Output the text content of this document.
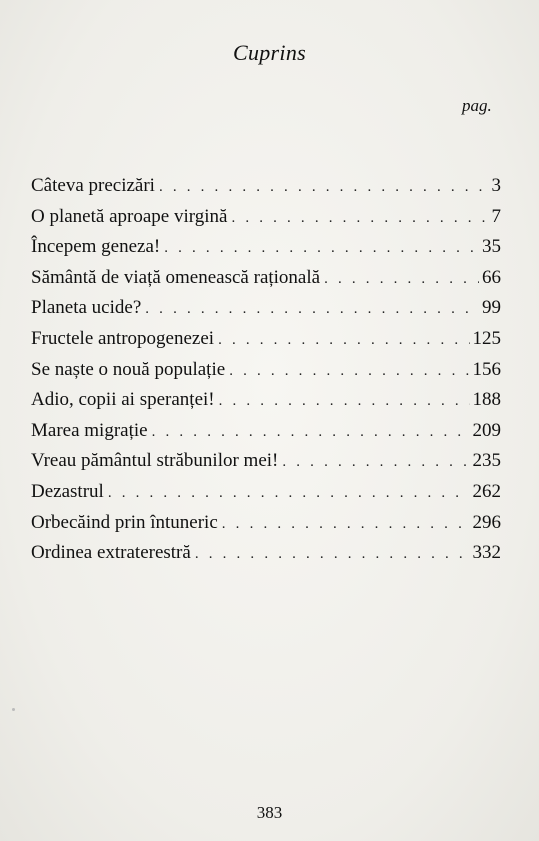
Cuprins
pag.
Câteva precizări . . .	3
O planetă aproape virgină . . .	7
Începem geneza! . . .	35
Sământă de viață omenească rațională . . .	66
Planeta ucide? . . .	99
Fructele antropogenezei . . .	125
Se naște o nouă populație . . .	156
Adio, copii ai speranței! . . .	188
Marea migrație . . .	209
Vreau pământul străbunilor mei! . . .	235
Dezastrul . . .	262
Orbecăind prin întuneric . . .	296
Ordinea extraterestră . . .	332
383
